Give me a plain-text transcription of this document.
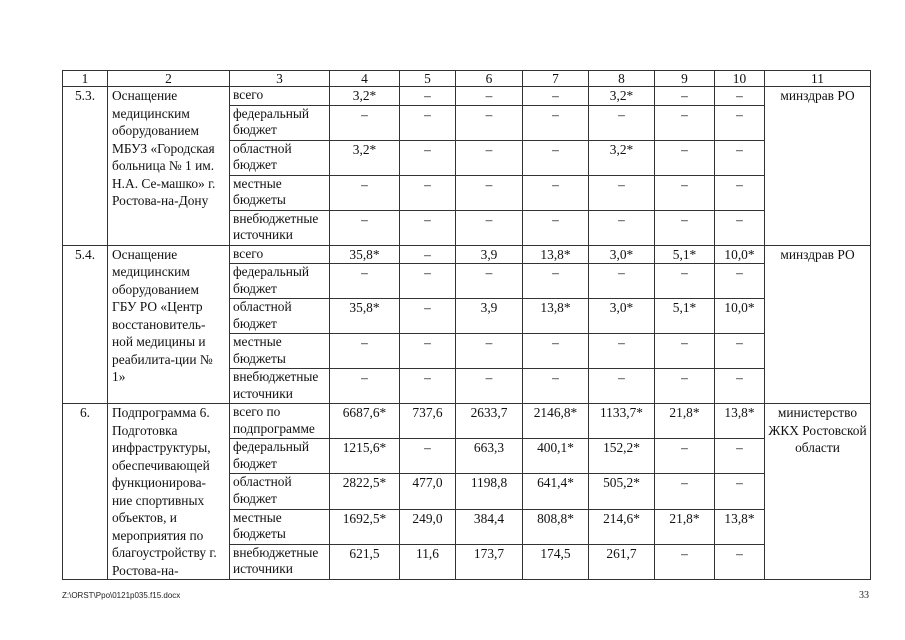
1	2	3	4	5	6	7	8	9	10	11
5.3.	Оснащение медицинским оборудованием МБУЗ «Городская больница № 1 им. Н.А. Се-машко» г. Ростова-на-Дону	всего	3,2*	–	–	–	3,2*	–	–	минздрав РО
		федеральный бюджет	–	–	–	–	–	–	–	
		областной бюджет	3,2*	–	–	–	3,2*	–	–	
		местные бюджеты	–	–	–	–	–	–	–	
		внебюджетные источники	–	–	–	–	–	–	–	
5.4.	Оснащение медицинским оборудованием ГБУ РО «Центр восстановитель-ной медицины и реабилита-ции № 1»	всего	35,8*	–	3,9	13,8*	3,0*	5,1*	10,0*	минздрав РО
		федеральный бюджет	–	–	–	–	–	–	–	
		областной бюджет	35,8*	–	3,9	13,8*	3,0*	5,1*	10,0*	
		местные бюджеты	–	–	–	–	–	–	–	
		внебюджетные источники	–	–	–	–	–	–	–	
6.	Подпрограмма 6. Подготовка инфраструктуры, обеспечивающей функционирова-ние спортивных объектов, и мероприятия по благоустройству г. Ростова-на-	всего по подпрограмме	6687,6*	737,6	2633,7	2146,8*	1133,7*	21,8*	13,8*	министерство ЖКХ Ростовской области
		федеральный бюджет	1215,6*	–	663,3	400,1*	152,2*	–	–	
		областной бюджет	2822,5*	477,0	1198,8	641,4*	505,2*	–	–	
		местные бюджеты	1692,5*	249,0	384,4	808,8*	214,6*	21,8*	13,8*	
		внебюджетные источники	621,5	11,6	173,7	174,5	261,7	–	–	
Z:\ORST\Ppo\0121p035.f15.docx	33
